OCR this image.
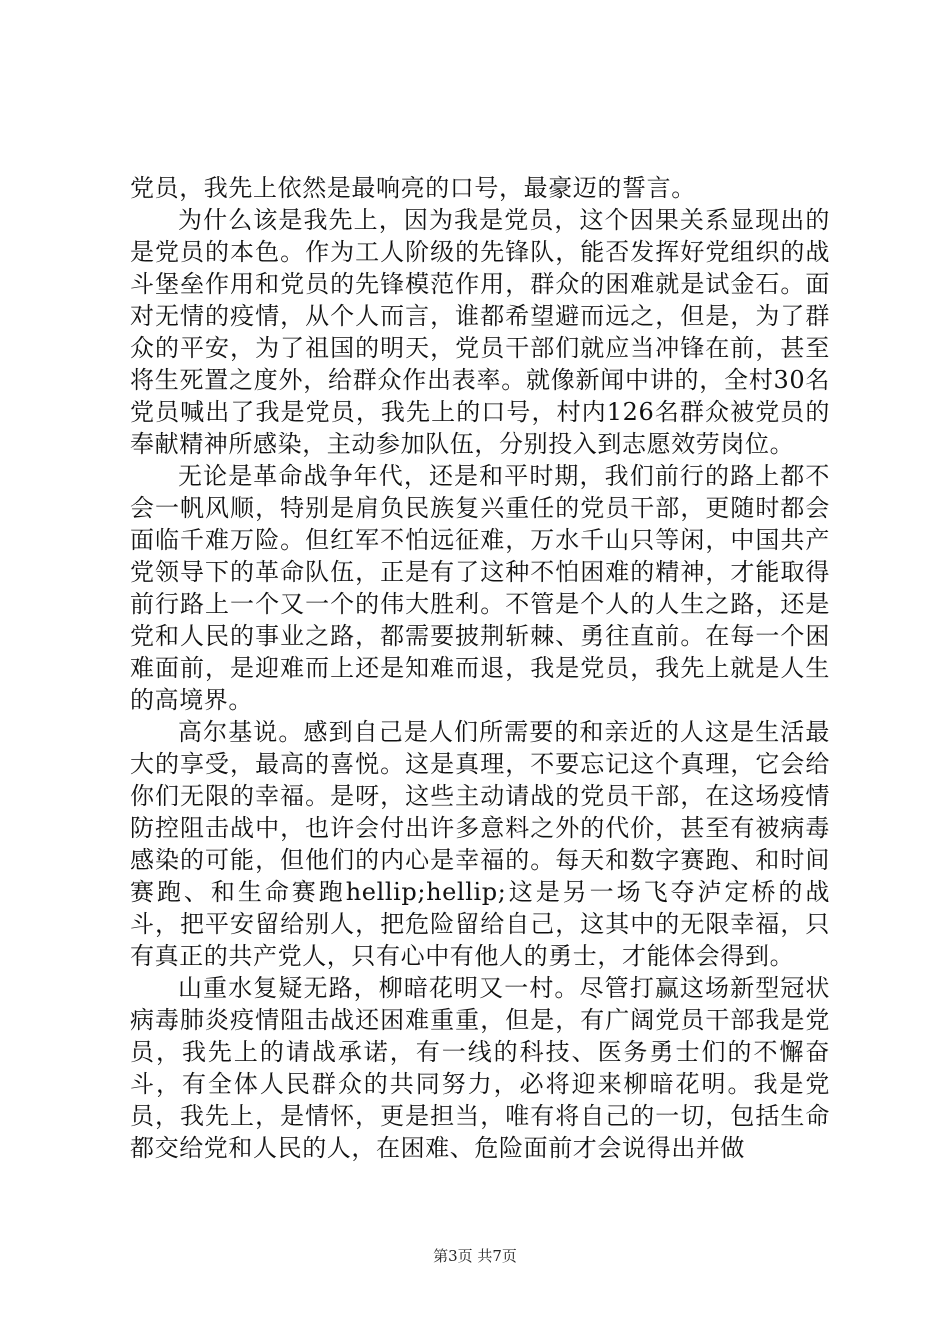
党员，我先上依然是最响亮的口号，最豪迈的誓言。

为什么该是我先上，因为我是党员，这个因果关系显现出的是党员的本色。作为工人阶级的先锋队，能否发挥好党组织的战斗堡垒作用和党员的先锋模范作用，群众的困难就是试金石。面对无情的疫情，从个人而言，谁都希望避而远之，但是，为了群众的平安，为了祖国的明天，党员干部们就应当冲锋在前，甚至将生死置之度外，给群众作出表率。就像新闻中讲的，全村30名党员喊出了我是党员，我先上的口号，村内126名群众被党员的奉献精神所感染，主动参加队伍，分别投入到志愿效劳岗位。

无论是革命战争年代，还是和平时期，我们前行的路上都不会一帆风顺，特别是肩负民族复兴重任的党员干部，更随时都会面临千难万险。但红军不怕远征难，万水千山只等闲，中国共产党领导下的革命队伍，正是有了这种不怕困难的精神，才能取得前行路上一个又一个的伟大胜利。不管是个人的人生之路，还是党和人民的事业之路，都需要披荆斩棘、勇往直前。在每一个困难面前，是迎难而上还是知难而退，我是党员，我先上就是人生的高境界。

高尔基说。感到自己是人们所需要的和亲近的人这是生活最大的享受，最高的喜悦。这是真理，不要忘记这个真理，它会给你们无限的幸福。是呀，这些主动请战的党员干部，在这场疫情防控阻击战中，也许会付出许多意料之外的代价，甚至有被病毒感染的可能，但他们的内心是幸福的。每天和数字赛跑、和时间赛跑、和生命赛跑hellip;hellip;这是另一场飞夺泸定桥的战斗，把平安留给别人，把危险留给自己，这其中的无限幸福，只有真正的共产党人，只有心中有他人的勇士，才能体会得到。

山重水复疑无路，柳暗花明又一村。尽管打赢这场新型冠状病毒肺炎疫情阻击战还困难重重，但是，有广阔党员干部我是党员，我先上的请战承诺，有一线的科技、医务勇士们的不懈奋斗，有全体人民群众的共同努力，必将迎来柳暗花明。我是党员，我先上，是情怀，更是担当，唯有将自己的一切，包括生命都交给党和人民的人，在困难、危险面前才会说得出并做

第3页 共7页
